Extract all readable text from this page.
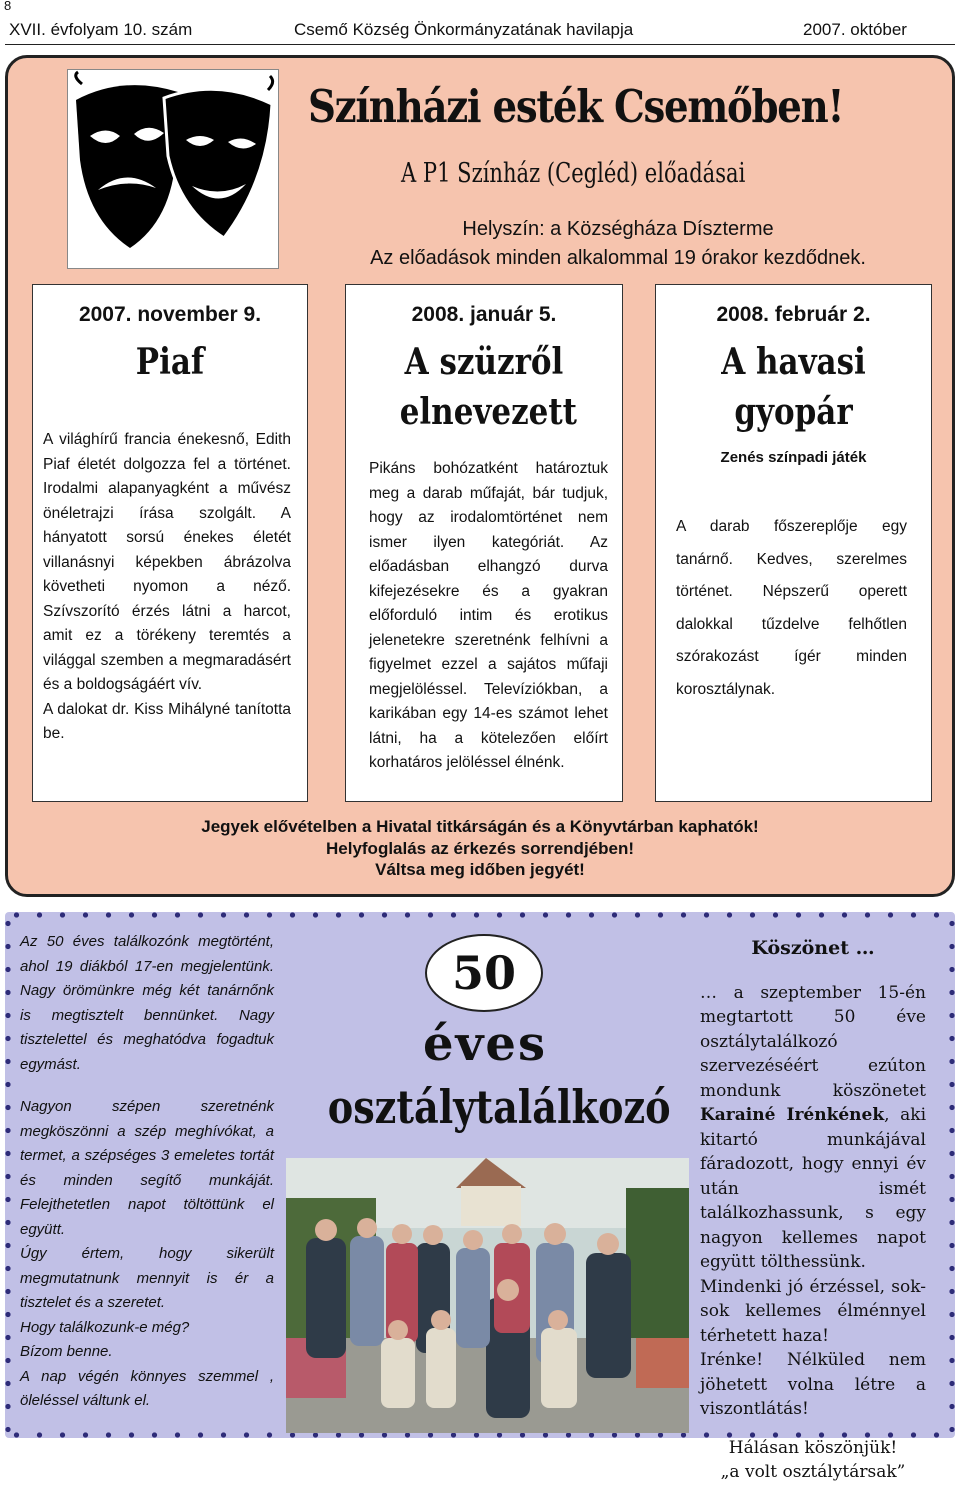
8
XVII. évfolyam 10. szám	Csemő Község Önkormányzatának havilapja	2007. október
Színházi esték Csemőben!
A P1 Színház (Cegléd) előadásai
Helyszín: a Községháza Díszterme
Az előadások minden alkalommal 19 órakor kezdődnek.
2007. november 9.
Piaf

A világhírű francia énekesnő, Edith Piaf életét dolgozza fel a történet. Irodalmi alapanyagként a művész önéletrajzi írása szolgált. A hányatott sorsú énekes életét villanásnyi képekben ábrázolva követheti nyomon a néző. Szívszorító érzés látni a harcot, amit ez a törékeny teremtés a világgal szemben a megmaradásért és a boldogságáért vív.

A dalokat dr. Kiss Mihályné tanította be.

2008. január 5.
A szüzről elnevezett

Pikáns bohózatként határoztuk meg a darab műfaját, bár tudjuk, hogy az irodalomtörténet nem ismer ilyen kategóriát. Az előadásban elhangzó durva kifejezésekre és a gyakran előforduló intim és erotikus jelenetekre szeretnénk felhívni a figyelmet ezzel a sajátos műfaji megjelöléssel. Televíziókban, a karikában egy 14-es számot lehet látni, ha a kötelezően előírt korhatáros jelöléssel élnénk.

2008. február 2.
A havasi gyopár
Zenés színpadi játék

A darab főszereplője egy tanárnő. Kedves, szerelmes történet. Népszerű operett dalokkal tűzdelve felhőtlen szórakozást ígér minden korosztálynak.

Jegyek elővételben a Hivatal titkárságán és a Könyvtárban kaphatók!
Helyfoglalás az érkezés sorrendjében!
Váltsa meg időben jegyét!

Az 50 éves találkozónk megtörtént, ahol 19 diákból 17-en megjelentünk. Nagy örömünkre még két tanárnőnk is megtisztelt bennünket. Nagy tisztelettel és meghatódva fogadtuk egymást.

Nagyon szépen szeretnénk megköszönni a szép meghívókat, a termet, a szépséges 3 emeletes tortát és minden segítő munkáját. Felejthetetlen napot töltöttünk el együtt.

Úgy értem, hogy sikerült megmutatnunk mennyit is ér a tisztelet és a szeretet.

Hogy találkozunk-e még?

Bízom benne.

A nap végén könnyes szemmel , öleléssel váltunk el.

50
éves
osztálytalálkozó
Köszönet …

… a szeptember 15-én megtartott 50 éve osztálytalálkozó szervezéséért ezúton mondunk köszönetet Karainé Irénkének, aki kitartó munkájával fáradozott, hogy ennyi év után ismét találkozhassunk, s egy nagyon kellemes napot együtt tölthessünk.

Mindenki jó érzéssel, sok-sok kellemes élménnyel térhetett haza!

Irénke! Nélküled nem jöhetett volna létre a viszontlátás!

Hálásan köszönjük!
„a volt osztálytársak”
